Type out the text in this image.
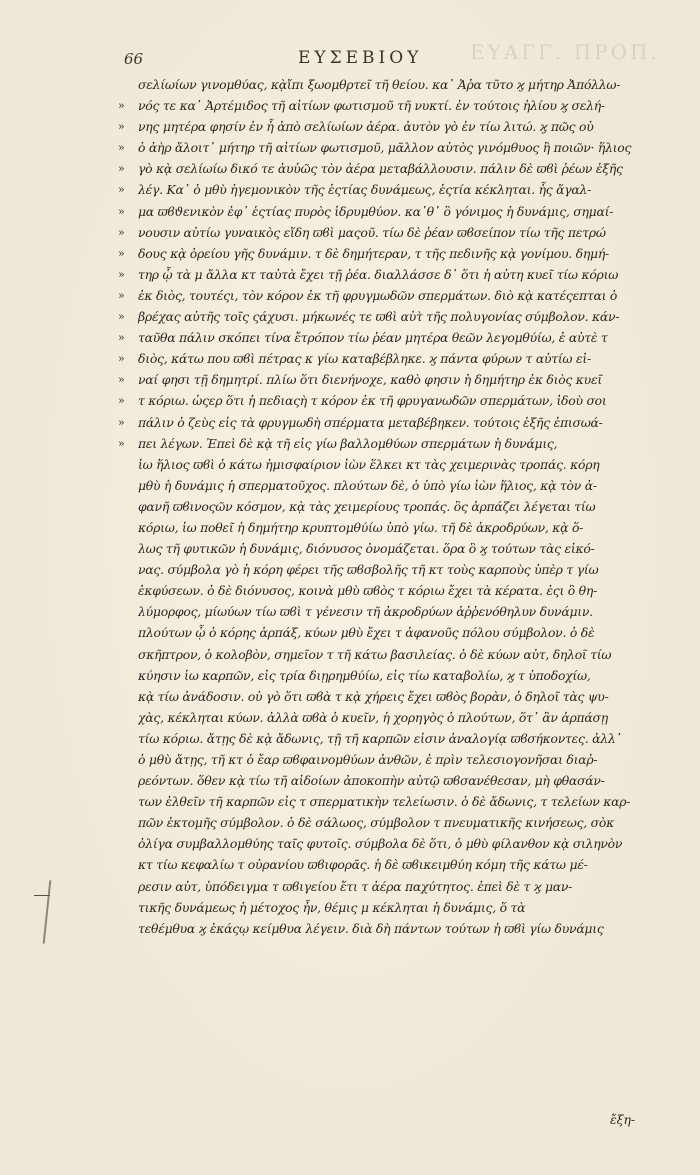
ΕΥΑΓΓ. ΠΡΟΠ.
66	ΕΥΣΕΒΙΟΥ
σελίωίων γινομθύας, κᾲἴπι ξωομθρτεῖ τῆ θείου. κα᾽ Ἀῤα τῦτο ϗ μήτηρ Ἀπόλλω-
»	νός τε κα᾽ Ἀρτέμιδος τῆ αἰτίων φωτισμοῦ τῆ νυκτί. ἐν τούτοις ἡλίου ϗ σελή-
»	νης μητέρα φησίν ἐν ἧ ἀπὸ σελίωίων ἀέρα. ἀυτὸν γὸ ἐν τίω λιτώ. ϗ πῶς οὐ
»	ὁ ἀὴρ ἄλοιτ᾽ μήτηρ τῆ αἰτίων φωτισμοῦ, μᾶλλον αὐτὸς γινόμθυος ἢ ποιῶν· ἥλιος
»	γὸ κᾲ σελίωίω δικό τε ἀυὐῶς τὸν ἀέρα μεταβάλλουσιν. πάλιν δὲ ϖϐὶ ῥέων ἑξῆς
»	λέγ. Κα᾽ ὁ μθὺ ἡγεμονικὸν τῆς ἑςτίας δυνάμεως, ἑςτία κέκληται. ἧς ἄγαλ-
»	μα ϖϐϑενικὸν ἐφ᾽ ἑςτίας πυρὸς ἱδρυμθύον. κα᾽θ᾽ ὃ γόνιμος ἡ δυνάμις, σημαί-
»	νουσιν αὐτίω γυναικὸς εἴδη ϖϐὶ μαςοῦ. τίω δὲ ῥέαν ϖϐσείπον τίω τῆς πετρώ
»	δους κᾲ ὀρείου γῆς δυνάμιν. τ δὲ δημήτεραν, τ τῆς πεδινῆς κᾲ γονίμου. δημή-
»	τηρ ᾧ τὰ μ ἄλλα κτ ταὐτὰ ἔχει τῇ ῥέα. διαλλάσσε δ᾽ ὅτι ἡ αὐτη κυεῖ τίω κόριω
»	ἐκ διὸς, τουτέςι, τὸν κόρον ἐκ τῆ φρυγμωδῶν σπερμάτων. διὸ κᾲ κατέςεπται ὁ
»	βρέχας αὐτῆς τοῖς ςάχυσι. μήκωνές τε ϖϐὶ αὐτ̀ τῆς πολυγονίας σύμβολον. κάν-
»	ταῦθα πάλιν σκόπει τίνα ἔτρόπον τίω ῥέαν μητέρα θεῶν λεγομθύίω, ἐ αὐτὲ τ
»	διὸς, κάτω που ϖϐὶ πέτρας κ γίω καταβέβληκε. ϗ πάντα φύρων τ αὐτίω εἰ-
»	ναί φησι τῇ δημητρί. πλίω ὅτι διενήνοχε, καθὸ φησιν ἡ δημήτηρ ἐκ διὸς κυεῖ
»	τ κόριω. ὡςερ ὅτι ἡ πεδιαςὴ τ κόρον ἐκ τῆ φρυγανωδῶν σπερμάτων, ἰδοὺ σοι
»	πάλιν ὁ ζεὺς εἰς τὰ φρυγμωδὴ σπέρματα μεταβέβηκεν. τούτοις ἑξῆς ἐπισωά-
»	πει λέγων. Ἐπεὶ δὲ κᾲ τῆ εἰς γίω βαλλομθύων σπερμάτων ἡ δυνάμις,
ἱω ἥλιος ϖϐὶ ὁ κάτω ἡμισφαίριον ἰὼν ἕλκει κτ τὰς χειμερινὰς τροπάς. κόρη
μθὺ ἡ δυνάμις ἡ σπερματοῦχος. πλούτων δὲ, ὁ ὑπὸ γίω ἰὼν ἥλιος, κᾲ τὸν ἀ-
φανῆ ϖϐινοςῶν κόσμον, κᾲ τὰς χειμερίους τροπάς. ὃς ἁρπάζει λέγεται τίω
κόριω, ἱω ποθεῖ ἡ δημήτηρ κρυπτομθύίω ὑπὸ γίω. τῆ δὲ ἀκροδρύων, κᾲ ὅ-
λως τῆ φυτικῶν ἡ δυνάμις, διόνυσος ὀνομάζεται. ὅρα ὃ ϗ τούτων τὰς εἰκό-
νας. σύμβολα γὸ ἡ κόρη φέρει τῆς ϖϐσβολῆς τῆ κτ τοὺς καρποὺς ὑπὲρ τ γίω
ἐκφύσεων. ὁ δὲ διόνυσος, κοινὰ μθὺ ϖϐὸς τ κόριω ἔχει τὰ κέρατα. ἐςι ὃ θη-
λύμορφος, μίωύων τίω ϖϐὶ τ γένεσιν τῆ ἀκροδρύων ἀῤῥενόθηλυν δυνάμιν.
πλούτων ᾧ ὁ κόρης ἁρπάξ, κύων μθὺ ἔχει τ ἀφανοῦς πόλου σύμβολον. ὁ δὲ
σκῆπτρον, ὁ κολοβὸν, σημεῖον τ τῆ κάτω βασιλείας. ὁ δὲ κύων αὐτ, δηλοῖ τίω
κύησιν ἱω καρπῶν, εἰς τρία διῃρημθύίω, εἰς τίω καταβολίω, ϗ τ ὑποδοχίω,
κᾲ τίω ἀνάδοσιν. οὐ γὸ ὅτι ϖϐὰ τ κᾲ χήρεις ἔχει ϖϐὸς βορὰν, ὁ δηλοῖ τὰς ψυ-
χὰς, κέκληται κύων. ἀλλὰ ϖϐὰ ὁ κυεῖν, ἡ χορηγὸς ὁ πλούτων, ὅτ᾽ ἂν ἁρπάσῃ
τίω κόριω. ἄτῃς δὲ κᾲ ἄδωνις, τῇ τῆ καρπῶν εἰσιν ἀναλογίᾳ ϖϐσήκοντες. ἀλλ᾽
ὁ μθὺ ἄτῃς, τῆ κτ ὁ ἔαρ ϖϐφαινομθύων ἀνθῶν, ἐ πρὶν τελεσιογονῆσαι διαῤ-
ρεόντων. ὅθεν κᾲ τίω τῆ αἰδοίων ἀποκοπὴν αὐτῷ ϖϐσανέθεσαν, μὴ φθασάν-
των ἐλθεῖν τῆ καρπῶν εἰς τ σπερματικὴν τελείωσιν. ὁ δὲ ἄδωνις, τ τελείων καρ-
πῶν ἐκτομῆς σύμβολον. ὁ δὲ σάλωος, σύμβολον τ πνευματικῆς κινήσεως, σὸκ
ὀλίγα συμβαλλομθύης ταῖς φυτοῖς. σύμβολα δὲ ὅτι, ὁ μθὺ φίλανθον κᾲ σιληνὸν
κτ τίω κεφαλίω τ οὐρανίου ϖϐιφορᾶς. ἡ δὲ ϖϐικειμθύη κόμη τῆς κάτω μέ-
ρεσιν αὐτ, ὑπόδειγμα τ ϖϐιγείου ἔτι τ ἀέρα παχύτητος. ἐπεὶ δὲ τ ϗ μαν-
τικῆς δυνάμεως ἡ μέτοχος ἦν, θέμις μ κέκληται ἡ δυνάμις, ὅ τὰ
τεθέμθυα ϗ ἑκάςῳ κείμθυα λέγειν. διὰ δὴ πάντων τούτων ἡ ϖϐὶ γίω δυνάμις
ἔξη-
